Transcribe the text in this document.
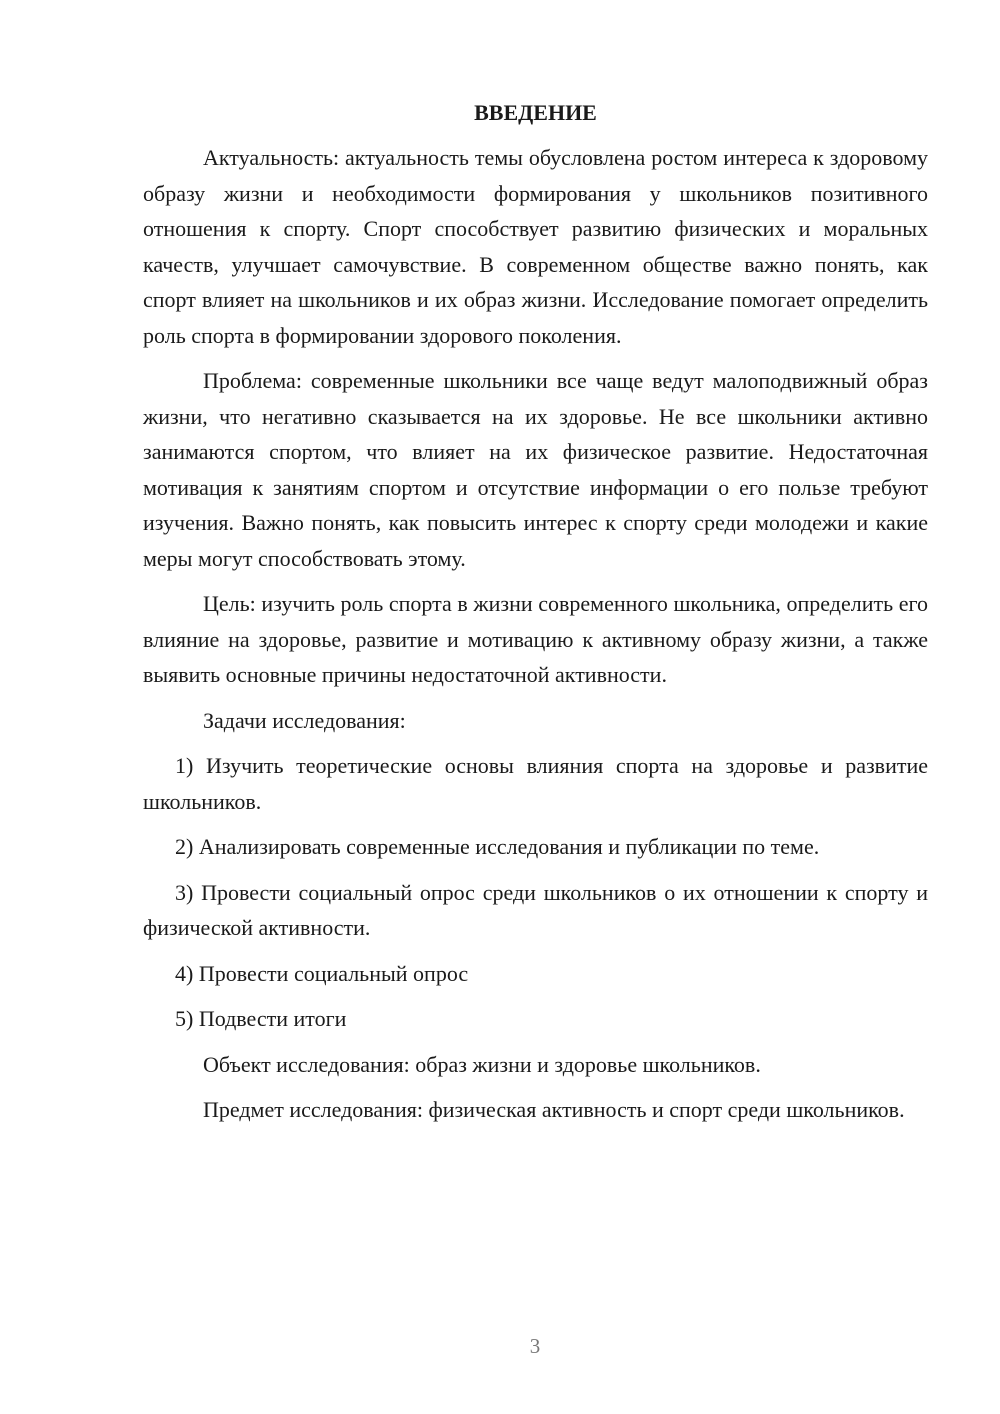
ВВЕДЕНИЕ

Актуальность: актуальность темы обусловлена ростом интереса к здоровому образу жизни и необходимости формирования у школьников позитивного отношения к спорту. Спорт способствует развитию физических и моральных качеств, улучшает самочувствие. В современном обществе важно понять, как спорт влияет на школьников и их образ жизни. Исследование помогает определить роль спорта в формировании здорового поколения.

Проблема: современные школьники все чаще ведут малоподвижный образ жизни, что негативно сказывается на их здоровье. Не все школьники активно занимаются спортом, что влияет на их физическое развитие. Недостаточная мотивация к занятиям спортом и отсутствие информации о его пользе требуют изучения. Важно понять, как повысить интерес к спорту среди молодежи и какие меры могут способствовать этому.

Цель: изучить роль спорта в жизни современного школьника, определить его влияние на здоровье, развитие и мотивацию к активному образу жизни, а также выявить основные причины недостаточной активности.

Задачи исследования:

1) Изучить теоретические основы влияния спорта на здоровье и развитие школьников.

2) Анализировать современные исследования и публикации по теме.

3) Провести социальный опрос среди школьников о их отношении к спорту и физической активности.

4) Провести социальный опрос

5) Подвести итоги

Объект исследования: образ жизни и здоровье школьников.

Предмет исследования: физическая активность и спорт среди школьников.

3
